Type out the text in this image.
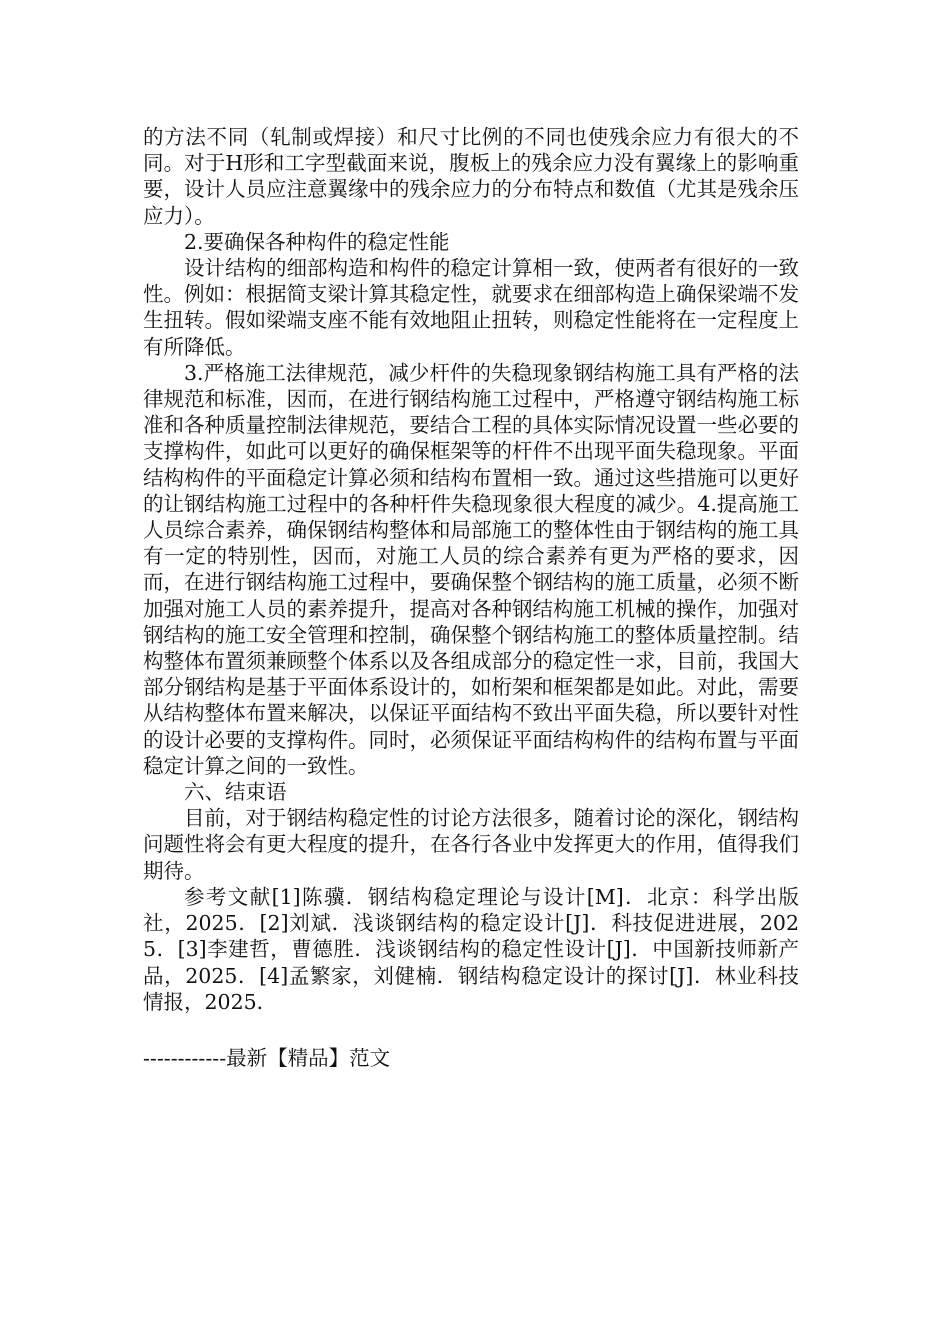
的方法不同（轧制或焊接）和尺寸比例的不同也使残余应力有很大的不同。对于H形和工字型截面来说，腹板上的残余应力没有翼缘上的影响重要，设计人员应注意翼缘中的残余应力的分布特点和数值（尤其是残余压应力）。

2.要确保各种构件的稳定性能

设计结构的细部构造和构件的稳定计算相一致，使两者有很好的一致性。例如：根据简支梁计算其稳定性，就要求在细部构造上确保梁端不发生扭转。假如梁端支座不能有效地阻止扭转，则稳定性能将在一定程度上有所降低。

3.严格施工法律规范，减少杆件的失稳现象钢结构施工具有严格的法律规范和标准，因而，在进行钢结构施工过程中，严格遵守钢结构施工标准和各种质量控制法律规范，要结合工程的具体实际情况设置一些必要的支撑构件，如此可以更好的确保框架等的杆件不出现平面失稳现象。平面结构构件的平面稳定计算必须和结构布置相一致。通过这些措施可以更好的让钢结构施工过程中的各种杆件失稳现象很大程度的减少。4.提高施工人员综合素养，确保钢结构整体和局部施工的整体性由于钢结构的施工具有一定的特别性，因而，对施工人员的综合素养有更为严格的要求，因而，在进行钢结构施工过程中，要确保整个钢结构的施工质量，必须不断加强对施工人员的素养提升，提高对各种钢结构施工机械的操作，加强对钢结构的施工安全管理和控制，确保整个钢结构施工的整体质量控制。结构整体布置须兼顾整个体系以及各组成部分的稳定性一求，目前，我国大部分钢结构是基于平面体系设计的，如桁架和框架都是如此。对此，需要从结构整体布置来解决，以保证平面结构不致出平面失稳，所以要针对性的设计必要的支撑构件。同时，必须保证平面结构构件的结构布置与平面稳定计算之间的一致性。

六、结束语

目前，对于钢结构稳定性的讨论方法很多，随着讨论的深化，钢结构问题性将会有更大程度的提升，在各行各业中发挥更大的作用，值得我们期待。

参考文献[1]陈骥．钢结构稳定理论与设计[M]．北京：科学出版社，2025．[2]刘斌．浅谈钢结构的稳定设计[J]．科技促进进展，2025．[3]李建哲，曹德胜．浅谈钢结构的稳定性设计[J]．中国新技师新产品，2025．[4]孟繁家，刘健楠．钢结构稳定设计的探讨[J]．林业科技情报，2025．

------------最新【精品】范文
